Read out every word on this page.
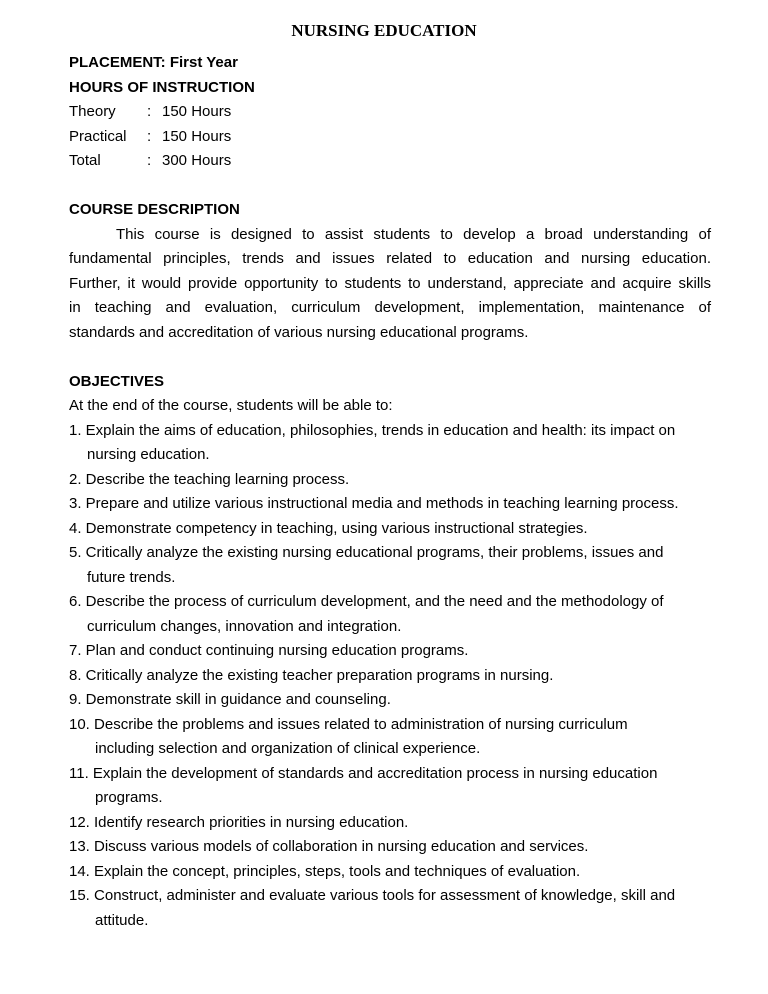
NURSING EDUCATION
PLACEMENT: First Year
HOURS OF INSTRUCTION
Theory	: 150 Hours
Practical	: 150 Hours
Total	: 300 Hours
COURSE DESCRIPTION
This course is designed to assist students to develop a broad understanding of
fundamental principles, trends and issues related to education and nursing education.
Further, it would provide opportunity to students to understand, appreciate and acquire skills
in teaching and evaluation, curriculum development, implementation, maintenance of
standards and accreditation of various nursing educational programs.
OBJECTIVES
At the end of the course, students will be able to:
1. Explain the aims of education, philosophies, trends in education and health: its impact on
nursing education.
2. Describe the teaching learning process.
3. Prepare and utilize various instructional media and methods in teaching learning process.
4. Demonstrate competency in teaching, using various instructional strategies.
5. Critically analyze the existing nursing educational programs, their problems, issues and
future trends.
6. Describe the process of curriculum development, and the need and the methodology of
curriculum changes, innovation and integration.
7. Plan and conduct continuing nursing education programs.
8. Critically analyze the existing teacher preparation programs in nursing.
9. Demonstrate skill in guidance and counseling.
10. Describe the problems and issues related to administration of nursing curriculum
including selection and organization of clinical experience.
11. Explain the development of standards and accreditation process in nursing education
programs.
12. Identify research priorities in nursing education.
13. Discuss various models of collaboration in nursing education and services.
14. Explain the concept, principles, steps, tools and techniques of evaluation.
15. Construct, administer and evaluate various tools for assessment of knowledge, skill and
attitude.
